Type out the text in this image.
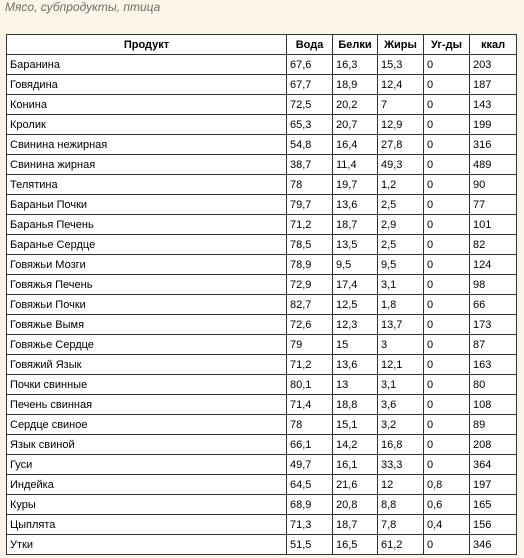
Мясо, субпродукты, птица
Продукт	Вода	Белки	Жиры	Уг-ды	ккал
Баранина	67,6	16,3	15,3	0	203
Говядина	67,7	18,9	12,4	0	187
Конина	72,5	20,2	7	0	143
Кролик	65,3	20,7	12,9	0	199
Свинина нежирная	54,8	16,4	27,8	0	316
Свинина жирная	38,7	11,4	49,3	0	489
Телятина	78	19,7	1,2	0	90
Бараньи Почки	79,7	13,6	2,5	0	77
Баранья Печень	71,2	18,7	2,9	0	101
Баранье Сердце	78,5	13,5	2,5	0	82
Говяжьи Мозги	78,9	9,5	9,5	0	124
Говяжья Печень	72,9	17,4	3,1	0	98
Говяжьи Почки	82,7	12,5	1,8	0	66
Говяжье Вымя	72,6	12,3	13,7	0	173
Говяжье Сердце	79	15	3	0	87
Говяжий Язык	71,2	13,6	12,1	0	163
Почки свинные	80,1	13	3,1	0	80
Печень свинная	71,4	18,8	3,6	0	108
Сердце свиное	78	15,1	3,2	0	89
Язык свиной	66,1	14,2	16,8	0	208
Гуси	49,7	16,1	33,3	0	364
Индейка	64,5	21,6	12	0,8	197
Куры	68,9	20,8	8,8	0,6	165
Цыплята	71,3	18,7	7,8	0,4	156
Утки	51,5	16,5	61,2	0	346
